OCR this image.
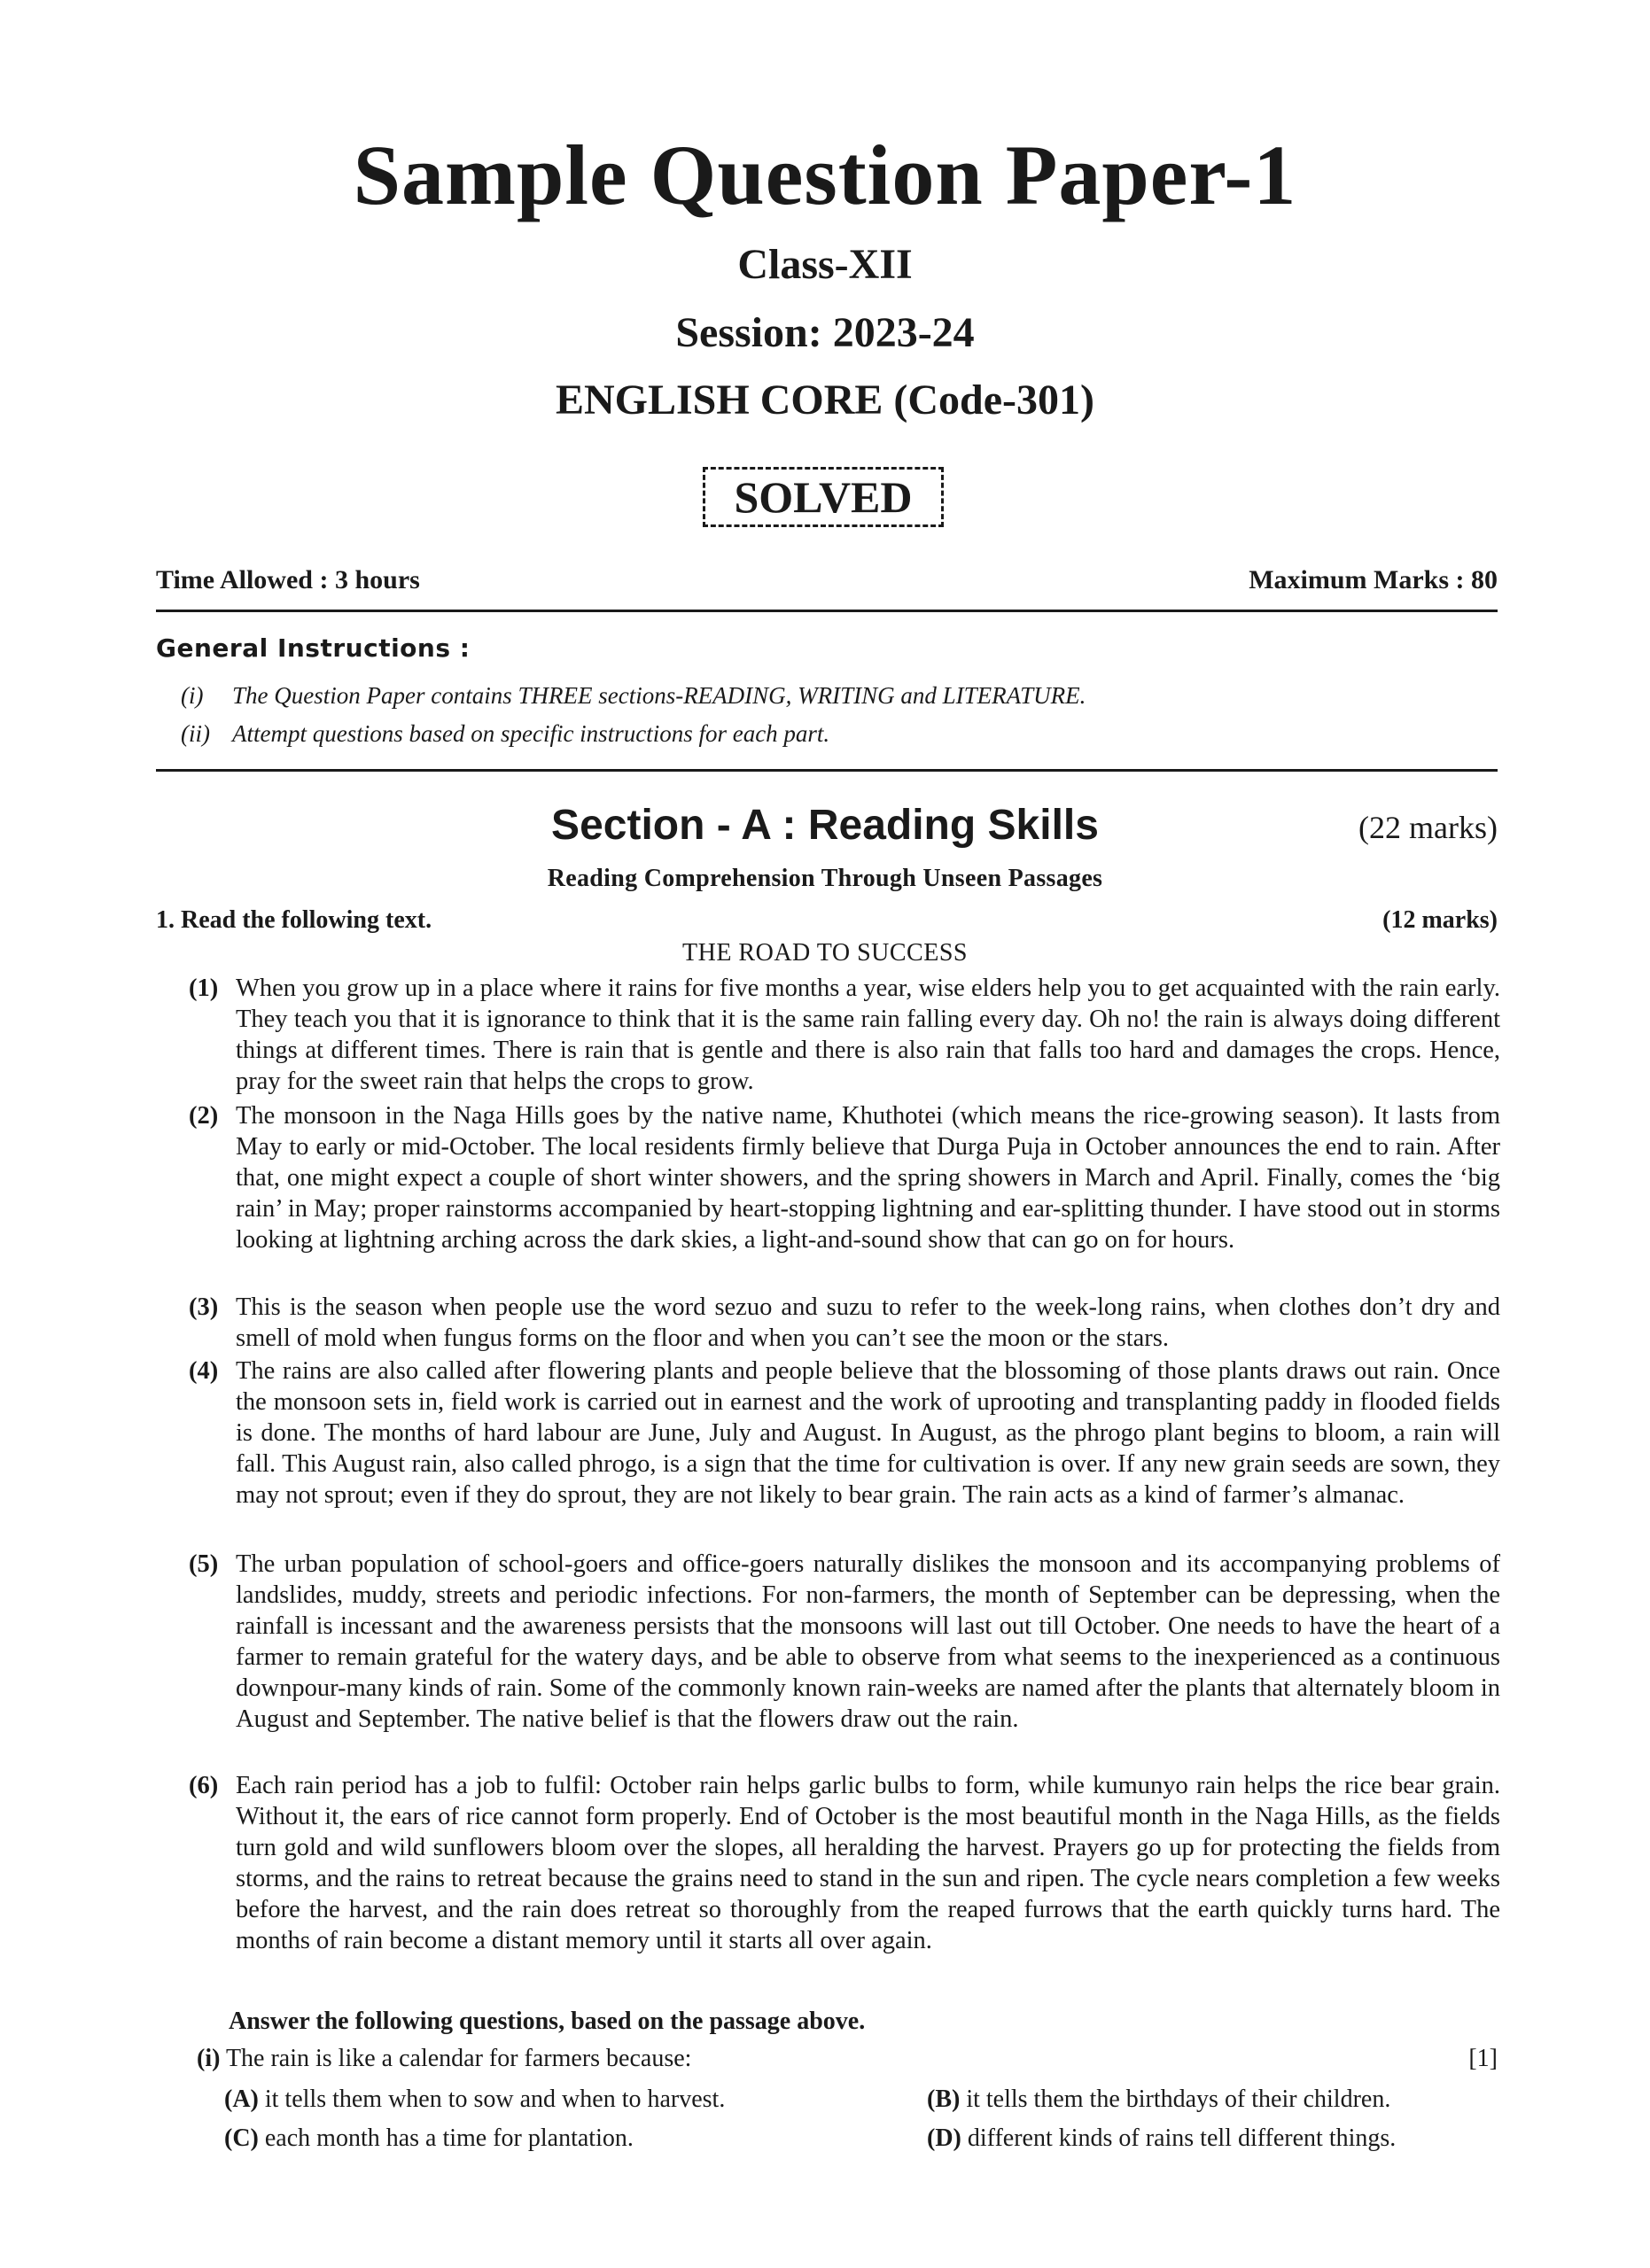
Sample Question Paper-1
Class-XII
Session: 2023-24
ENGLISH CORE (Code-301)
SOLVED
Time Allowed : 3 hours	Maximum Marks : 80
General Instructions :
(i) The Question Paper contains THREE sections-READING, WRITING and LITERATURE.
(ii) Attempt questions based on specific instructions for each part.
Section - A : Reading Skills	(22 marks)
Reading Comprehension Through Unseen Passages
1. Read the following text.	(12 marks)
THE ROAD TO SUCCESS
(1) When you grow up in a place where it rains for five months a year, wise elders help you to get acquainted with the rain early. They teach you that it is ignorance to think that it is the same rain falling every day. Oh no! the rain is always doing different things at different times. There is rain that is gentle and there is also rain that falls too hard and damages the crops. Hence, pray for the sweet rain that helps the crops to grow.
(2) The monsoon in the Naga Hills goes by the native name, Khuthotei (which means the rice-growing season). It lasts from May to early or mid-October. The local residents firmly believe that Durga Puja in October announces the end to rain. After that, one might expect a couple of short winter showers, and the spring showers in March and April. Finally, comes the ‘big rain’ in May; proper rainstorms accompanied by heart-stopping lightning and ear-splitting thunder. I have stood out in storms looking at lightning arching across the dark skies, a light-and-sound show that can go on for hours.
(3) This is the season when people use the word sezuo and suzu to refer to the week-long rains, when clothes don’t dry and smell of mold when fungus forms on the floor and when you can’t see the moon or the stars.
(4) The rains are also called after flowering plants and people believe that the blossoming of those plants draws out rain. Once the monsoon sets in, field work is carried out in earnest and the work of uprooting and transplanting paddy in flooded fields is done. The months of hard labour are June, July and August. In August, as the phrogo plant begins to bloom, a rain will fall. This August rain, also called phrogo, is a sign that the time for cultivation is over. If any new grain seeds are sown, they may not sprout; even if they do sprout, they are not likely to bear grain. The rain acts as a kind of farmer’s almanac.
(5) The urban population of school-goers and office-goers naturally dislikes the monsoon and its accompanying problems of landslides, muddy, streets and periodic infections. For non-farmers, the month of September can be depressing, when the rainfall is incessant and the awareness persists that the monsoons will last out till October. One needs to have the heart of a farmer to remain grateful for the watery days, and be able to observe from what seems to the inexperienced as a continuous downpour-many kinds of rain. Some of the commonly known rain-weeks are named after the plants that alternately bloom in August and September. The native belief is that the flowers draw out the rain.
(6) Each rain period has a job to fulfil: October rain helps garlic bulbs to form, while kumunyo rain helps the rice bear grain. Without it, the ears of rice cannot form properly. End of October is the most beautiful month in the Naga Hills, as the fields turn gold and wild sunflowers bloom over the slopes, all heralding the harvest. Prayers go up for protecting the fields from storms, and the rains to retreat because the grains need to stand in the sun and ripen. The cycle nears completion a few weeks before the harvest, and the rain does retreat so thoroughly from the reaped furrows that the earth quickly turns hard. The months of rain become a distant memory until it starts all over again.
Answer the following questions, based on the passage above.
(i) The rain is like a calendar for farmers because:	[1]
(A) it tells them when to sow and when to harvest.	(B) it tells them the birthdays of their children.
(C) each month has a time for plantation.	(D) different kinds of rains tell different things.
